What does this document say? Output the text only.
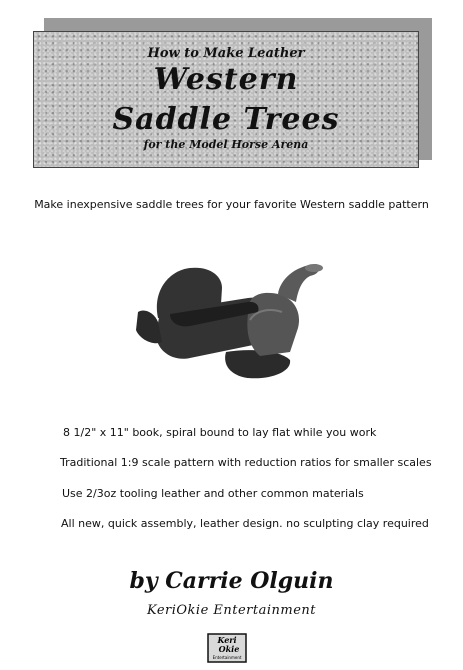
How to Make Leather
Western
Saddle Trees
for the Model Horse Arena
Make inexpensive saddle trees for your favorite Western saddle pattern
8 1/2" x 11" book, spiral bound to lay flat while you work
Traditional 1:9 scale pattern with reduction ratios for smaller scales
Use 2/3oz tooling leather and other common materials
All new, quick assembly, leather design. no sculpting clay required
by Carrie Olguin
KeriOkie Entertainment
Keri
Okie
Entertainment
